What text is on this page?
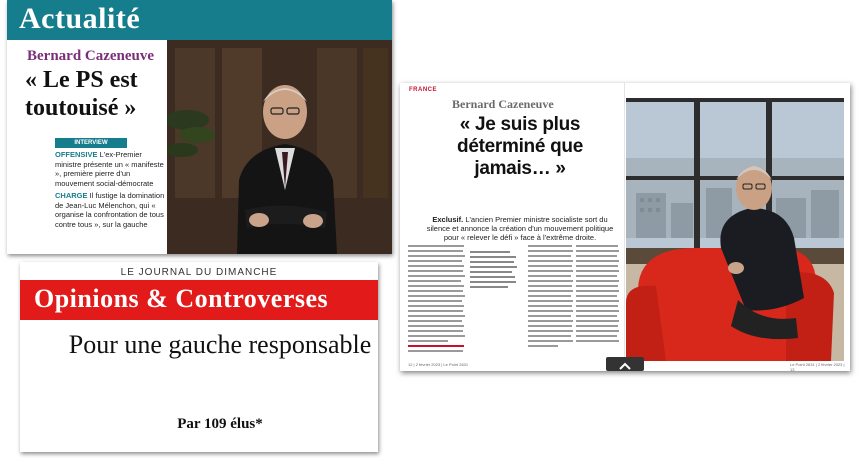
Actualité
Bernard Cazeneuve
« Le PS est toutouisé »
INTERVIEW
OFFENSIVE L'ex-Premier ministre présente un « manifeste », première pierre d'un mouvement social-démocrate
CHARGE Il fustige la domination de Jean-Luc Mélenchon, qui « organise la confrontation de tous contre tous », sur la gauche
LE JOURNAL DU DIMANCHE
Opinions & Controverses
Pour une gauche responsable
Par 109 élus*
FRANCE
Bernard Cazeneuve
« Je suis plus déterminé que jamais… »
Exclusif. L'ancien Premier ministre socialiste sort du silence et annonce la création d'un mouvement politique pour « relever le défi » face à l'extrême droite.
12 | 2 février 2023 | Le Point 2631	Le Point 2631 | 2 février 2023 | 13
